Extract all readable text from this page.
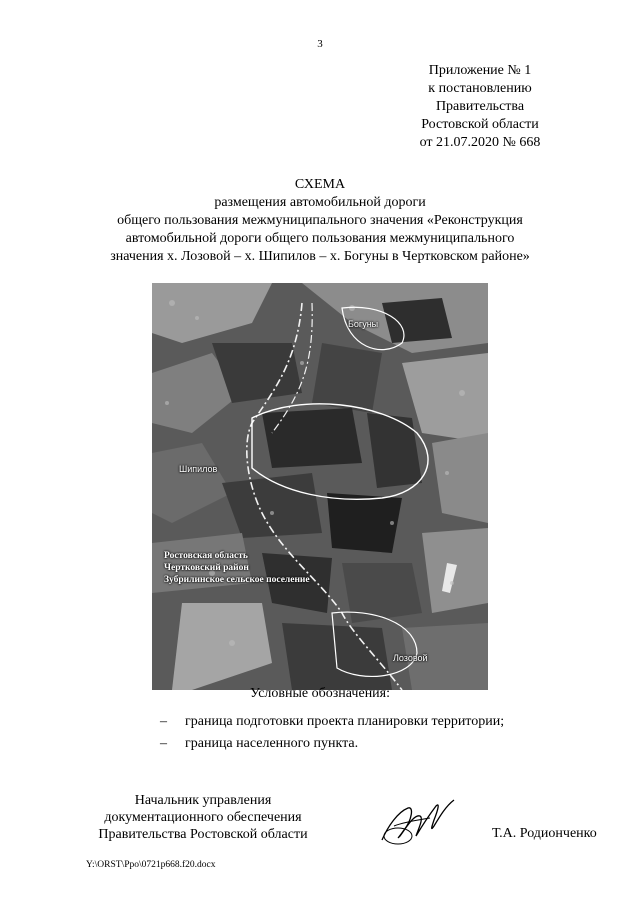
3
Приложение № 1
к постановлению
Правительства
Ростовской области
от 21.07.2020 № 668
СХЕМА
размещения автомобильной дороги
общего пользования межмуниципального значения «Реконструкция
автомобильной дороги общего пользования межмуниципального
значения х. Лозовой – х. Шипилов – х. Богуны в Чертковском районе»
Богуны
Шипилов
Лозовой
Ростовская область
Чертковский район
Зубрилинское сельское поселение
Условные обозначения:
– граница подготовки проекта планировки территории;
– граница населенного пункта.
Начальник управления
документационного обеспечения
Правительства Ростовской области	Т.А. Родионченко
Y:\ORST\Ppo\0721p668.f20.docx
